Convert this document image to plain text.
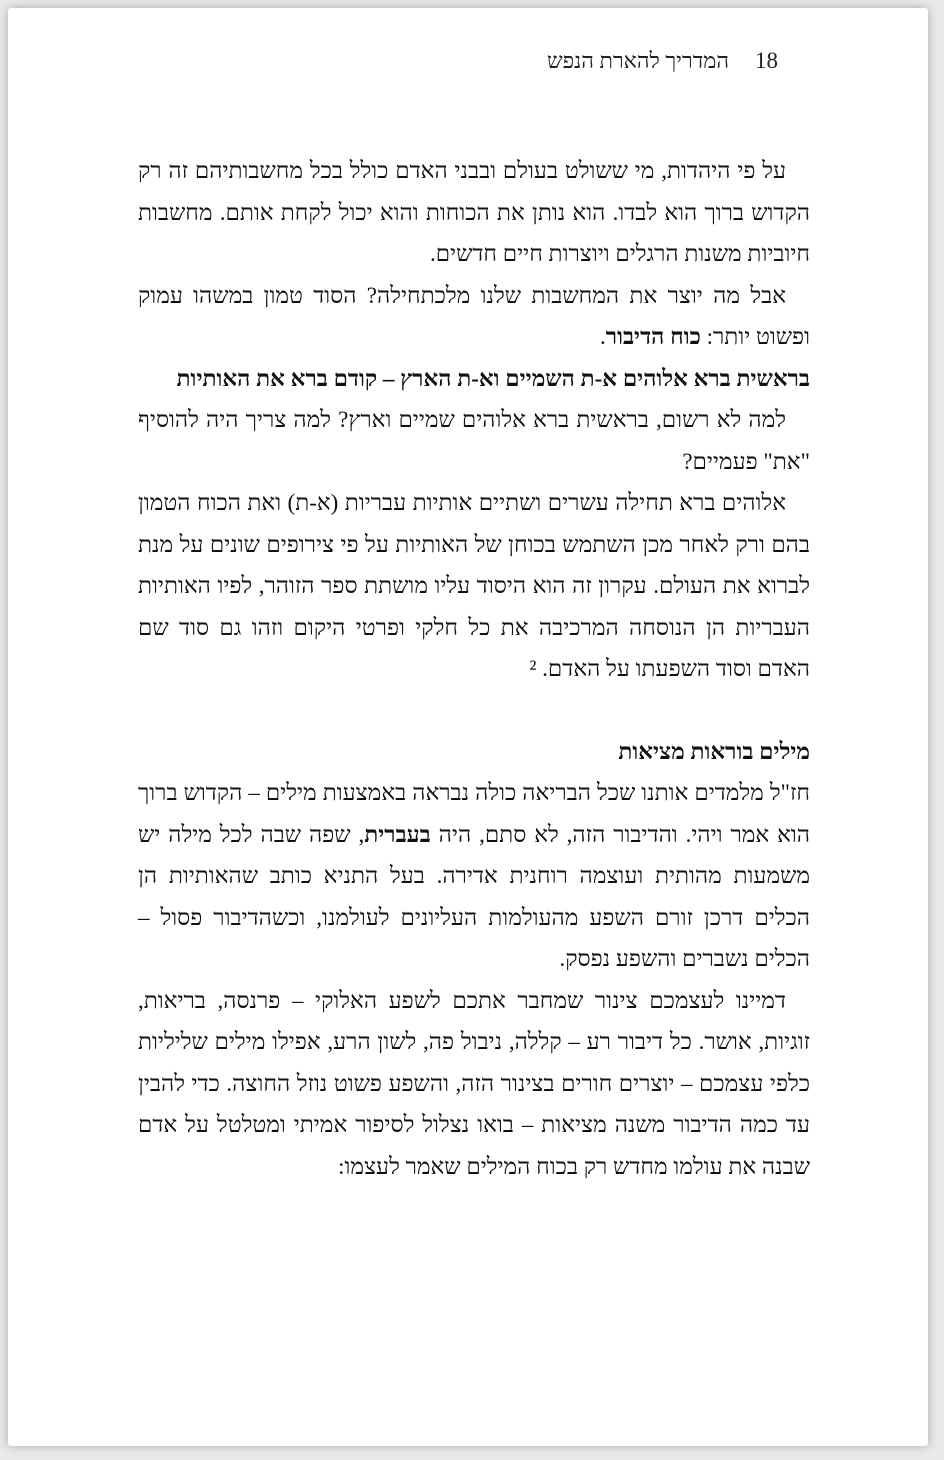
18המדריך להארת הנפש

על פי היהדות, מי ששולט בעולם ובבני האדם כולל בכל מחשבותיהם זה רק הקדוש ברוך הוא לבדו. הוא נותן את הכוחות והוא יכול לקחת אותם. מחשבות חיוביות משנות הרגלים ויוצרות חיים חדשים.

אבל מה יוצר את המחשבות שלנו מלכתחילה? הסוד טמון במשהו עמוק ופשוט יותר: כוח הדיבור.

בראשית ברא אלוהים א-ת השמיים וא-ת הארץ – קודם ברא את האותיות

למה לא רשום, בראשית ברא אלוהים שמיים וארץ? למה צריך היה להוסיף "את" פעמיים?

אלוהים ברא תחילה עשרים ושתיים אותיות עבריות (א-ת) ואת הכוח הטמון בהם ורק לאחר מכן השתמש בכוחן של האותיות על פי צירופים שונים על מנת לברוא את העולם. עקרון זה הוא היסוד עליו מושתת ספר הזוהר, לפיו האותיות העבריות הן הנוסחה המרכיבה את כל חלקי ופרטי היקום וזהו גם סוד שם האדם וסוד השפעתו על האדם. ²

מילים בוראות מציאות

חז"ל מלמדים אותנו שכל הבריאה כולה נבראה באמצעות מילים – הקדוש ברוך הוא אמר ויהי. והדיבור הזה, לא סתם, היה בעברית, שפה שבה לכל מילה יש משמעות מהותית ועוצמה רוחנית אדירה. בעל התניא כותב שהאותיות הן הכלים דרכן זורם השפע מהעולמות העליונים לעולמנו, וכשהדיבור פסול – הכלים נשברים והשפע נפסק.

דמיינו לעצמכם צינור שמחבר אתכם לשפע האלוקי – פרנסה, בריאות, זוגיות, אושר. כל דיבור רע – קללה, ניבול פה, לשון הרע, אפילו מילים שליליות כלפי עצמכם – יוצרים חורים בצינור הזה, והשפע פשוט נוזל החוצה. כדי להבין עד כמה הדיבור משנה מציאות – בואו נצלול לסיפור אמיתי ומטלטל על אדם שבנה את עולמו מחדש רק בכוח המילים שאמר לעצמו:
